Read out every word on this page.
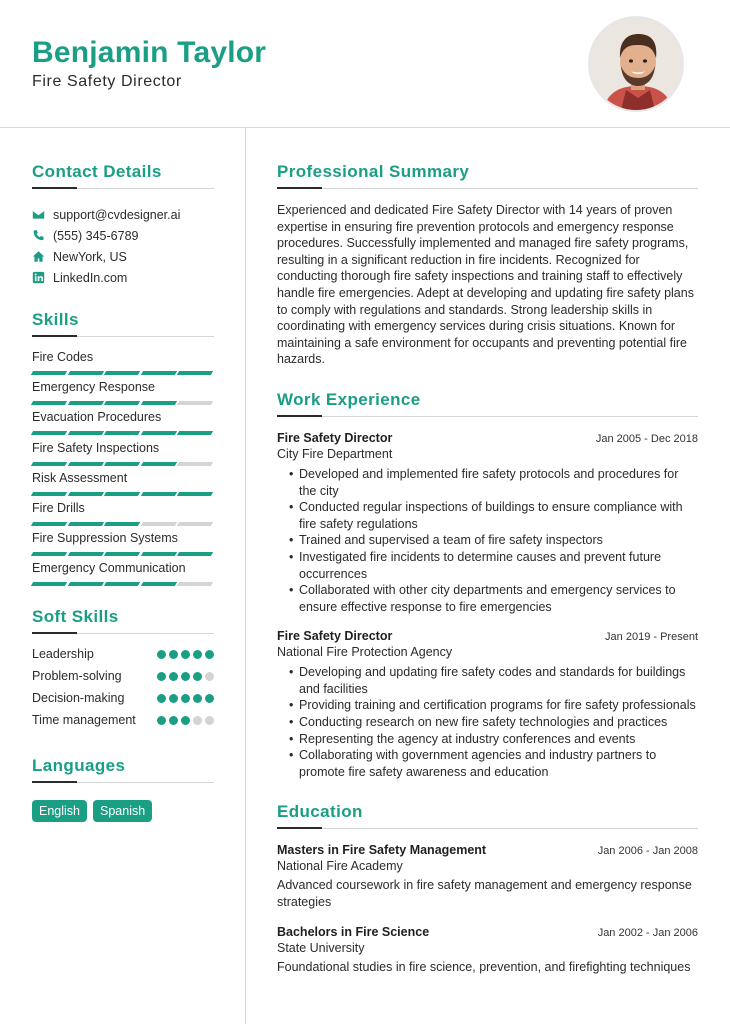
Benjamin Taylor
Fire Safety Director
Contact Details
support@cvdesigner.ai
(555) 345-6789
NewYork, US
LinkedIn.com
Skills
Fire Codes
Emergency Response
Evacuation Procedures
Fire Safety Inspections
Risk Assessment
Fire Drills
Fire Suppression Systems
Emergency Communication
Soft Skills
Leadership
Problem-solving
Decision-making
Time management
Languages
English	Spanish
Professional Summary

Experienced and dedicated Fire Safety Director with 14 years of proven expertise in ensuring fire prevention protocols and emergency response procedures. Successfully implemented and managed fire safety programs, resulting in a significant reduction in fire incidents. Recognized for conducting thorough fire safety inspections and training staff to effectively handle fire emergencies. Adept at developing and updating fire safety plans to comply with regulations and standards. Strong leadership skills in coordinating with emergency services during crisis situations. Known for maintaining a safe environment for occupants and preventing potential fire hazards.

Work Experience
Fire Safety Director	Jan 2005 - Dec 2018
City Fire Department
• Developed and implemented fire safety protocols and procedures for the city
• Conducted regular inspections of buildings to ensure compliance with fire safety regulations
• Trained and supervised a team of fire safety inspectors
• Investigated fire incidents to determine causes and prevent future occurrences
• Collaborated with other city departments and emergency services to ensure effective response to fire emergencies
Fire Safety Director	Jan 2019 - Present
National Fire Protection Agency
• Developing and updating fire safety codes and standards for buildings and facilities
• Providing training and certification programs for fire safety professionals
• Conducting research on new fire safety technologies and practices
• Representing the agency at industry conferences and events
• Collaborating with government agencies and industry partners to promote fire safety awareness and education
Education
Masters in Fire Safety Management	Jan 2006 - Jan 2008
National Fire Academy
Advanced coursework in fire safety management and emergency response strategies
Bachelors in Fire Science	Jan 2002 - Jan 2006
State University
Foundational studies in fire science, prevention, and firefighting techniques
